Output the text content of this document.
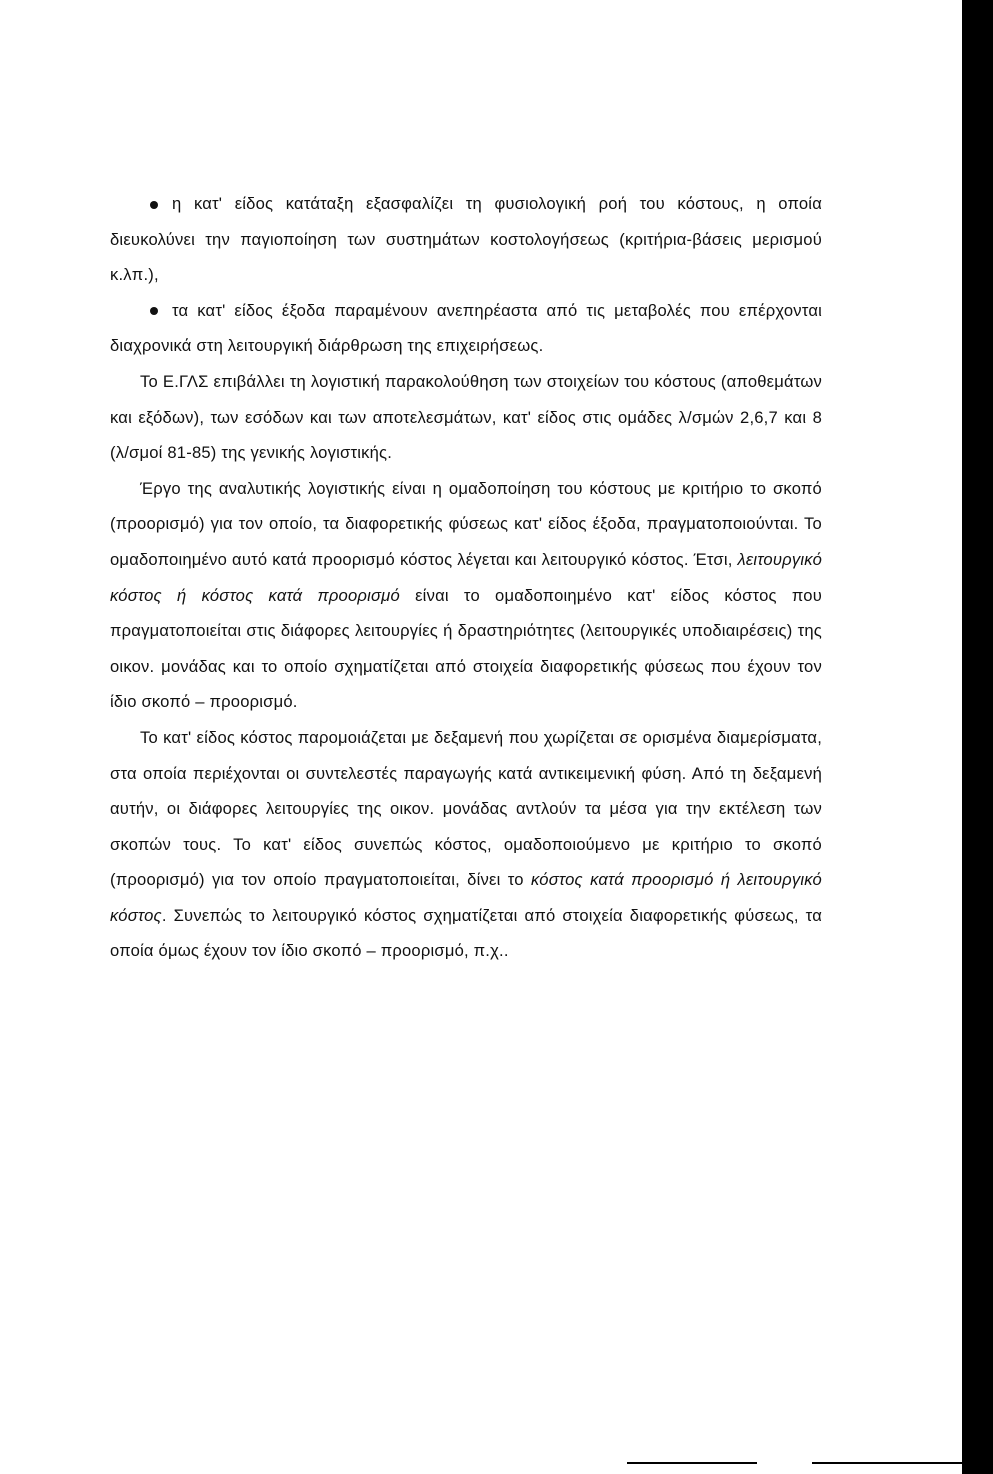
η κατ' είδος κατάταξη εξασφαλίζει τη φυσιολογική ροή του κόστους, η οποία διευκολύνει την παγιοποίηση των συστημάτων κοστολογήσεως (κριτήρια-βάσεις μερισμού κ.λπ.),

τα κατ' είδος έξοδα παραμένουν ανεπηρέαστα από τις μεταβολές που επέρχονται διαχρονικά στη λειτουργική διάρθρωση της επιχειρήσεως.

Το Ε.ΓΛΣ επιβάλλει τη λογιστική παρακολούθηση των στοιχείων του κόστους (αποθεμάτων και εξόδων), των εσόδων και των αποτελεσμάτων, κατ' είδος στις ομάδες λ/σμών 2,6,7 και 8 (λ/σμοί 81-85) της γενικής λογιστικής.

Έργο της αναλυτικής λογιστικής είναι η ομαδοποίηση του κόστους με κριτήριο το σκοπό (προορισμό) για τον οποίο, τα διαφορετικής φύσεως κατ' είδος έξοδα, πραγματοποιούνται. Το ομαδοποιημένο αυτό κατά προορισμό κόστος λέγεται και λειτουργικό κόστος. Έτσι, λειτουργικό κόστος ή κόστος κατά προορισμό είναι το ομαδοποιημένο κατ' είδος κόστος που πραγματοποιείται στις διάφορες λειτουργίες ή δραστηριότητες (λειτουργικές υποδιαιρέσεις) της οικον. μονάδας και το οποίο σχηματίζεται από στοιχεία διαφορετικής φύσεως που έχουν τον ίδιο σκοπό – προορισμό.

Το κατ' είδος κόστος παρομοιάζεται με δεξαμενή που χωρίζεται σε ορισμένα διαμερίσματα, στα οποία περιέχονται οι συντελεστές παραγωγής κατά αντικειμενική φύση. Από τη δεξαμενή αυτήν, οι διάφορες λειτουργίες της οικον. μονάδας αντλούν τα μέσα για την εκτέλεση των σκοπών τους. Το κατ' είδος συνεπώς κόστος, ομαδοποιούμενο με κριτήριο το σκοπό (προορισμό) για τον οποίο πραγματοποιείται, δίνει το κόστος κατά προορισμό ή λειτουργικό κόστος. Συνεπώς το λειτουργικό κόστος σχηματίζεται από στοιχεία διαφορετικής φύσεως, τα οποία όμως έχουν τον ίδιο σκοπό – προορισμό, π.χ..
